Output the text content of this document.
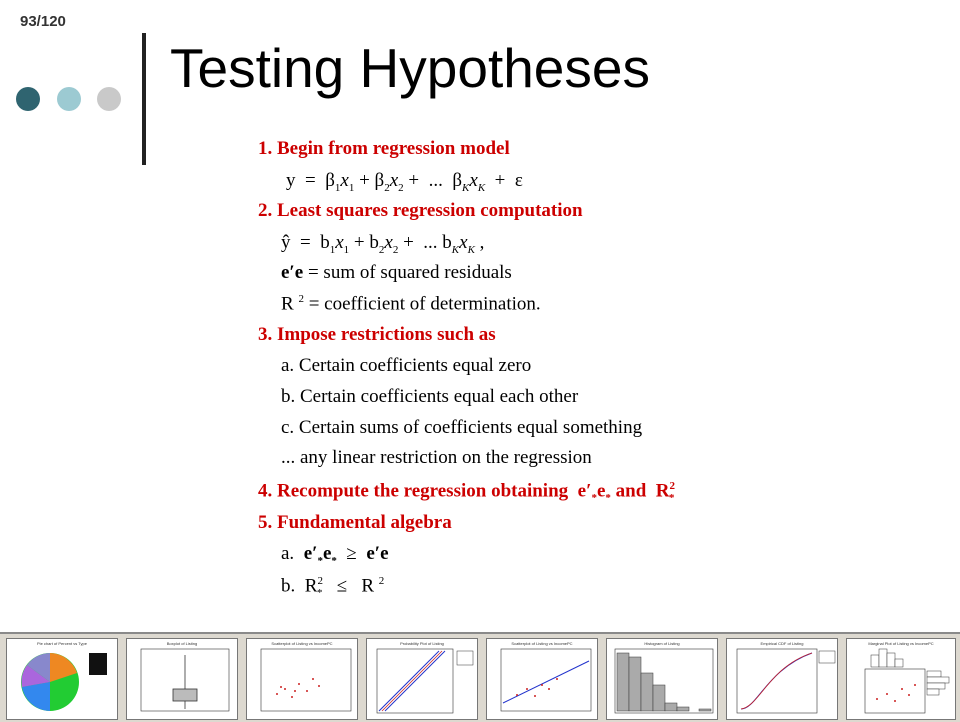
93/120
Testing Hypotheses
1. Begin from regression model
$y = \beta_1x_1 + \beta_2x_2$ +  ...  $\beta_Kx_K + \varepsilon$
2. Least squares regression computation
ŷ  =  $b_1x_1 + b_2x_2$ +  ... $b_Kx_K$ ,
e′e = sum of squared residuals
R $^2$ = coefficient of determination.
3. Impose restrictions such as
a. Certain coefficients equal zero
b. Certain coefficients equal each other
c. Certain sums of coefficients equal something
... any linear restriction on the regression
4. Recompute the regression obtaining  $e'_*e_*$ and  $R^2_*$
5. Fundamental algebra
a. $e'_*e_* \ge e'e$
b.  $R^2_* \le R$ $^2$
Pie chart of Percent vs Type	Boxplot of Listing	Scatterplot of Listing vs IncomePC	Probability Plot of Listing	Scatterplot of Listing vs IncomePC	Histogram of Listing	Empirical CDF of Listing	Marginal Plot of Listing vs IncomePC
